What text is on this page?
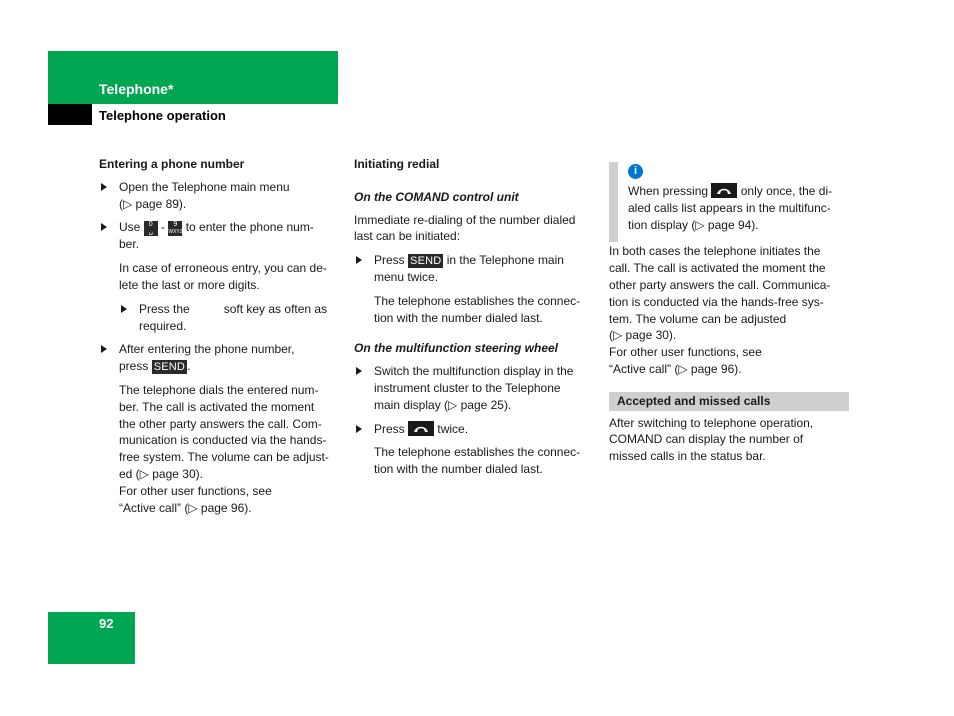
Telephone*
Telephone operation
Entering a phone number
Open the Telephone main menu
(▷ page 89).
Use 0
␣ - 9
WXYZ to enter the phone num-
ber.
In case of erroneous entry, you can de-
lete the last or more digits.
Press the	soft key as often as
required.
After entering the phone number,
press SEND .
The telephone dials the entered num-
ber. The call is activated the moment
the other party answers the call. Com-
munication is conducted via the hands-
free system. The volume can be adjust-
ed (▷ page 30).
For other user functions, see
“Active call” (▷ page 96).
Initiating redial
On the COMAND control unit
Immediate re-dialing of the number dialed
last can be initiated:
Press SEND in the Telephone main
menu twice.
The telephone establishes the connec-
tion with the number dialed last.
On the multifunction steering wheel
Switch the multifunction display in the
instrument cluster to the Telephone
main display (▷ page 25).
Press	twice.
The telephone establishes the connec-
tion with the number dialed last.
i

When pressing	only once, the di-
aled calls list appears in the multifunc-
tion display (▷ page 94).

In both cases the telephone initiates the
call. The call is activated the moment the
other party answers the call. Communica-
tion is conducted via the hands-free sys-
tem. The volume can be adjusted
(▷ page 30).
For other user functions, see
“Active call” (▷ page 96).
Accepted and missed calls
After switching to telephone operation,
COMAND can display the number of
missed calls in the status bar.
92
